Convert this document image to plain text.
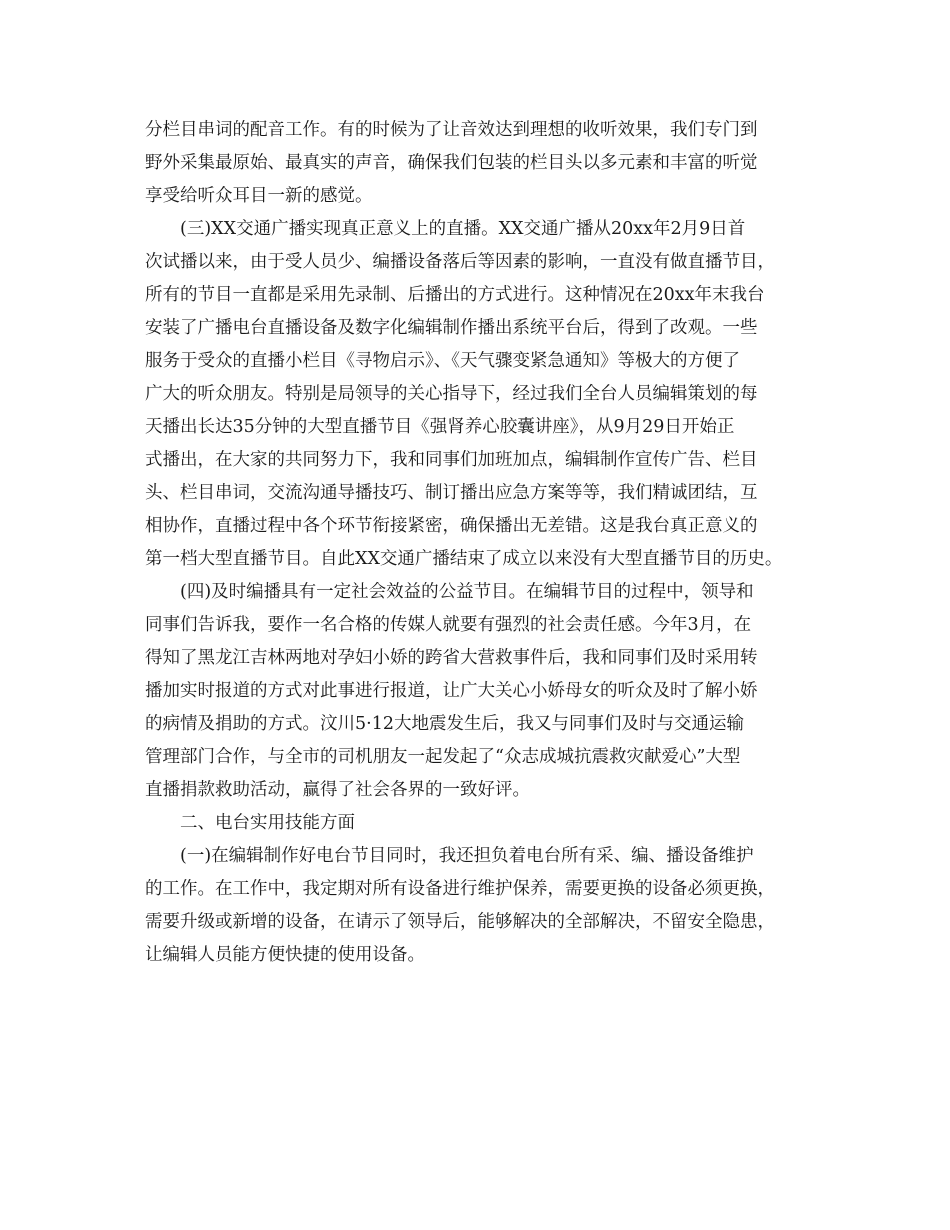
分栏目串词的配音工作。有的时候为了让音效达到理想的收听效果，我们专门到
野外采集最原始、最真实的声音，确保我们包装的栏目头以多元素和丰富的听觉
享受给听众耳目一新的感觉。

(三)XX交通广播实现真正意义上的直播。XX交通广播从20xx年2月9日首
次试播以来，由于受人员少、编播设备落后等因素的影响，一直没有做直播节目，
所有的节目一直都是采用先录制、后播出的方式进行。这种情况在20xx年末我台
安装了广播电台直播设备及数字化编辑制作播出系统平台后，得到了改观。一些
服务于受众的直播小栏目《寻物启示》、《天气骤变紧急通知》等极大的方便了
广大的听众朋友。特别是局领导的关心指导下，经过我们全台人员编辑策划的每
天播出长达35分钟的大型直播节目《强肾养心胶囊讲座》，从9月29日开始正
式播出，在大家的共同努力下，我和同事们加班加点，编辑制作宣传广告、栏目
头、栏目串词，交流沟通导播技巧、制订播出应急方案等等，我们精诚团结，互
相协作，直播过程中各个环节衔接紧密，确保播出无差错。这是我台真正意义的
第一档大型直播节目。自此XX交通广播结束了成立以来没有大型直播节目的历史。

(四)及时编播具有一定社会效益的公益节目。在编辑节目的过程中，领导和
同事们告诉我，要作一名合格的传媒人就要有强烈的社会责任感。今年3月，在
得知了黑龙江吉林两地对孕妇小娇的跨省大营救事件后，我和同事们及时采用转
播加实时报道的方式对此事进行报道，让广大关心小娇母女的听众及时了解小娇
的病情及捐助的方式。汶川5·12大地震发生后，我又与同事们及时与交通运输
管理部门合作，与全市的司机朋友一起发起了“众志成城抗震救灾献爱心”大型
直播捐款救助活动，赢得了社会各界的一致好评。

二、电台实用技能方面

(一)在编辑制作好电台节目同时，我还担负着电台所有采、编、播设备维护
的工作。在工作中，我定期对所有设备进行维护保养，需要更换的设备必须更换，
需要升级或新增的设备，在请示了领导后，能够解决的全部解决，不留安全隐患，
让编辑人员能方便快捷的使用设备。
